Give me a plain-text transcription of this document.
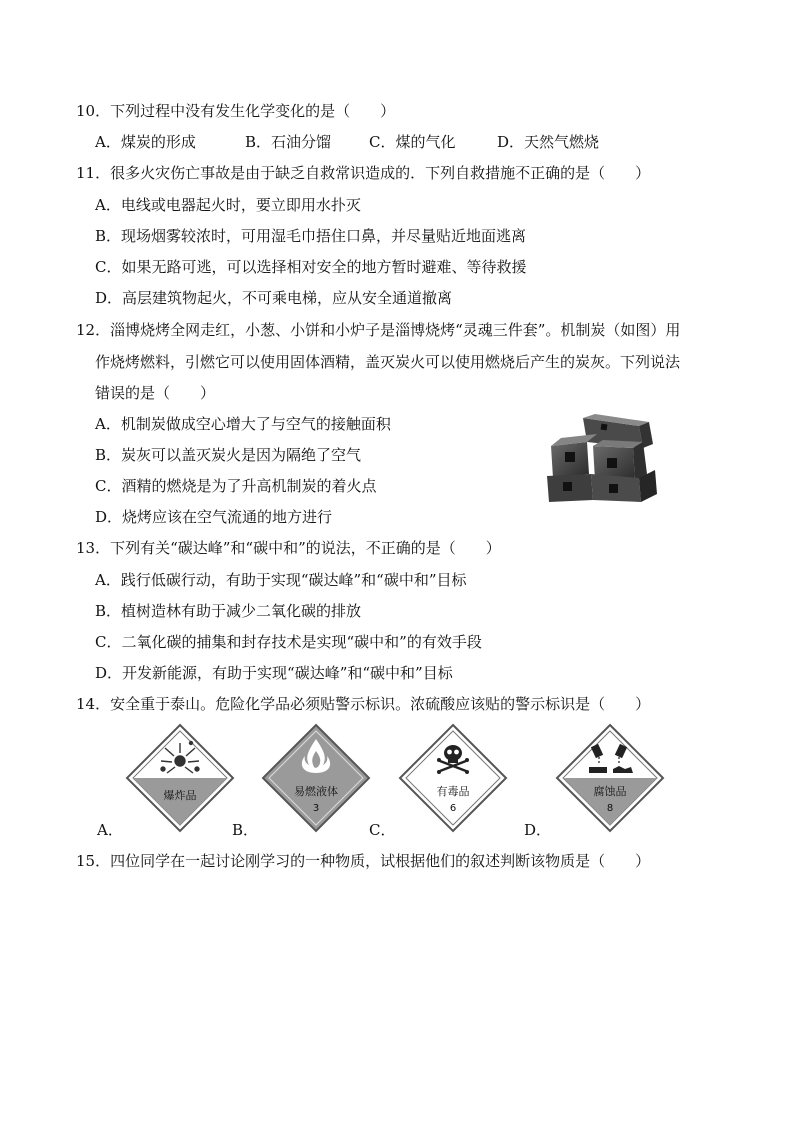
10．下列过程中没有发生化学变化的是（　　）
A．煤炭的形成	B．石油分馏	C．煤的气化	D．天然气燃烧
11．很多火灾伤亡事故是由于缺乏自救常识造成的．下列自救措施不正确的是（　　）
A．电线或电器起火时，要立即用水扑灭
B．现场烟雾较浓时，可用湿毛巾捂住口鼻，并尽量贴近地面逃离
C．如果无路可逃，可以选择相对安全的地方暂时避难、等待救援
D．高层建筑物起火，不可乘电梯，应从安全通道撤离
12．淄博烧烤全网走红，小葱、小饼和小炉子是淄博烧烤“灵魂三件套”。机制炭（如图）用
作烧烤燃料，引燃它可以使用固体酒精，盖灭炭火可以使用燃烧后产生的炭灰。下列说法
错误的是（　　）
A．机制炭做成空心增大了与空气的接触面积
B．炭灰可以盖灭炭火是因为隔绝了空气
C．酒精的燃烧是为了升高机制炭的着火点
D．烧烤应该在空气流通的地方进行
13．下列有关“碳达峰”和“碳中和”的说法，不正确的是（　　）
A．践行低碳行动，有助于实现“碳达峰”和“碳中和”目标
B．植树造林有助于减少二氧化碳的排放
C．二氧化碳的捕集和封存技术是实现“碳中和”的有效手段
D．开发新能源，有助于实现“碳达峰”和“碳中和”目标
14．安全重于泰山。危险化学品必须贴警示标识。浓硫酸应该贴的警示标识是（　　）
爆炸品
A．
易燃液体
3
B．
有毒品
6
C．
腐蚀品
8
D．
15．四位同学在一起讨论刚学习的一种物质，试根据他们的叙述判断该物质是（　　）
